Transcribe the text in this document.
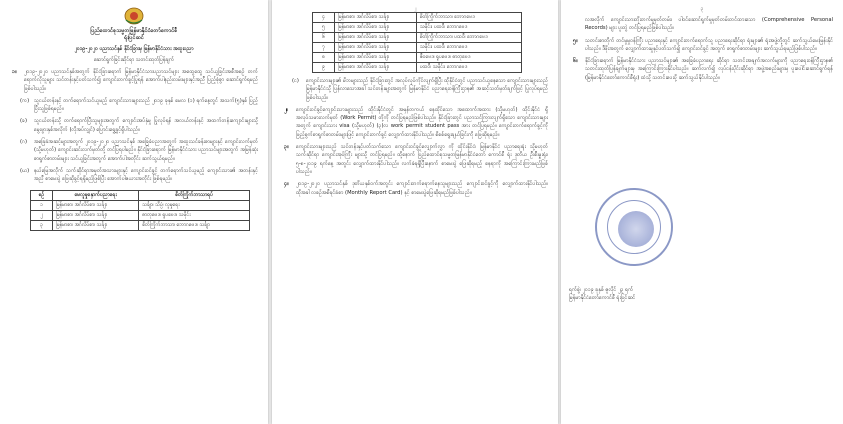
ပြည်ထောင်စုသမ္မတမြန်မာနိုင်ငံတော်ကောင်စီ
ရုံးပြင်ဆင်
၂၀၁၉-၂၀၂၀ ပညာသင်နှစ် နိုင်ငံခြားမှ မြန်မာနိုင်ငံသား အထူးပညာ
ဆောင်ရွက်ခြင်းဆိုင်ရာ သတင်းထုတ်ပြန်ချက်
၁။ ၂၀၁၉-၂၀၂၀ ပညာသင်နှစ်အတွက် နိုင်ငံခြားရောက် မြန်မာနိုင်ငံသားပညာသင်များ အထွေထွေ သင်ယူခြင်းအစီအစဉ် တက်ရောက်လိုသူများ သင်တန်းနှင့်ပတ်သက်၍ ကျောင်းတက်ခွင့်ပြုရန် အောက်ပါနည်းလမ်းများနှင့်အညီ ပြည့်စုံစွာ ဆောင်ရွက်ရမည်ဖြစ်ပါသည်။
(က) သူငယ်တန်းနှင့် တက်ရောက်သင်ယူမည့် ကျောင်းသားများသည် ၂၀၁၉ ခုနှစ် မေလ (၁) ရက်နေ့တွင် အသက်(၅)နှစ် ပြည့်ပြီးသူဖြစ်ရမည်။
(ခ) သူငယ်တန်းသို့ တက်ရောက်ပြီးသူများအတွက် ကျောင်းအပ်နှံမှု ပြုလုပ်ရန် အလယ်တန်းနှင့် အထက်တန်းကျောင်းများသို့ မွေးဖွားနှစ်အလိုက် (လိုအပ်လျှင်) ပြောင်းရွှေ့ခွင့်ရှိပါသည်။
(ဂ) အခြေခံအဆင့်များအတွက် ၂၀၁၉-၂၀၂၀ ပညာသင်နှစ် အခြေခံပညာအတွက် အထူးသင်ခန်းစာများနှင့် ကျောင်းလက်မှတ် (သို့မဟုတ်) ကျောင်းဆင်းလက်မှတ်တို့ တင်ပြရပါမည်။ နိုင်ငံခြားရောက် မြန်မာနိုင်ငံသား ပညာသင်များအတွက် အမြန်ဆုံးစာရွက်စာတမ်းများ သင်ယူခြင်းအတွက် အောက်ပါအတိုင်း ဆက်သွယ်ရမည်။
(ဃ) နယ်မြေအလိုက် သက်ဆိုင်ရာအမှတ်အသားများနှင့် ကျောင်းဝင်ခွင့် တက်ရောက်သင်ယူမည့် ကျောင်းသား၏ အတန်းနှင့်အညီ စာမေးပွဲ ဖြေဆိုခွင့်ရရှိမည်ဖြစ်ပြီး အောက်ပါဇယားအတိုင်း ဖြစ်ရမည်။
စဉ်	မေလူမှုနှောက်ပညာရေး	စိတ်ကြိုက်ဘာသာရပ်
၁	မြန်မာစာ၊ အင်္ဂလိပ်စာ၊ သင်္ချာ	သင်္ချာ၊ သိပ္ပံ၊ လူမှုရေး
၂	မြန်မာစာ၊ အင်္ဂလိပ်စာ၊ သင်္ချာ	ဓာတုဗေဒ၊ ရူပဗေဒ၊ သမိုင်း
၃	မြန်မာစာ၊ အင်္ဂလိပ်စာ၊ သင်္ချာ	စိတ်ကြိုက်ဘာသာ၊ ဘောဂဗေဒ၊ သင်္ချာ
၂
၄	မြန်မာစာ၊ အင်္ဂလိပ်စာ၊ သင်္ချာ	စိတ်ကြိုက်ဘာသာ၊ ဘောဂဗေဒ
၅	မြန်မာစာ၊ အင်္ဂလိပ်စာ၊ သင်္ချာ	သမိုင်း၊ ပထဝီ၊ ဘောဂဗေဒ
၆	မြန်မာစာ၊ အင်္ဂလိပ်စာ၊ သင်္ချာ	စိတ်ကြိုက်ဘာသာ၊ ပထဝီ၊ ဘောဂဗေဒ
၇	မြန်မာစာ၊ အင်္ဂလိပ်စာ၊ သင်္ချာ	သမိုင်း၊ ပထဝီ၊ ဘောဂဗေဒ
၈	မြန်မာစာ၊ အင်္ဂလိပ်စာ၊ သင်္ချာ	ဇီဝဗေဒ၊ ရူပဗေဒ၊ ဓာတုဗေဒ
၉	မြန်မာစာ၊ အင်္ဂလိပ်စာ၊ သင်္ချာ	ပထဝီ၊ သမိုင်း၊ ဘောဂဗေဒ
(င) ကျောင်းသားများ၏ မိဘများသည် နိုင်ငံခြားတွင် အလုပ်လုပ်ကိုင်လျက်ရှိပြီး ထိုနိုင်ငံတွင် ပညာသင်ယူနေသော ကျောင်းသားများသည် မြန်မာနိုင်ငံသို့ ပြန်လာသောအခါ သင်တန်းများအတွက် မြန်မာနိုင်ငံ ပညာရေးဝန်ကြီးဌာန၏ အဆင့်သတ်မှတ်ချက်ဖြင့် ပြုလုပ်ရမည်ဖြစ်ပါသည်။
၂။ ကျောင်းဝင်ခွင့်ကျောင်းသားများသည် ထိုင်းနိုင်ငံတွင် အမှန်တကယ် နေထိုင်သော အထောက်အထား (သို့မဟုတ်) ထိုင်းနိုင်ငံ ရှိ အလုပ်သမားလက်မှတ် (Work Permit) တို့ကို တင်ပြရမည်ဖြစ်ပါသည်။ နိုင်ငံခြားတွင် ပညာသင်ကြားလျက်ရှိသော ကျောင်းသားများအတွက် ကျောင်းသား visa (သို့မဟုတ်) (၃)လ work permit student pass အား တင်ပြရမည်။ ကျောင်းတက်ရောက်ခွင့်ကို ဖြည့်စွက်စာရွက်စာတမ်းများဖြင့် ကျောင်းတက်ခွင့် လျှောက်ထားနိုင်ပါသည်။ စိစစ်ရွေးချယ်ခြင်းကို ဖြေဆိုရမည်။
၃။ ကျောင်းသားများသည် သင်တန်းနှင့်ပတ်သက်သော ကျောင်းဝင်ခွင့်လျှောက်လွှာ ကို ထိုင်းနိုင်ငံ၊ မြန်မာနိုင်ငံ ပညာရေးရုံး သို့မဟုတ် သက်ဆိုင်ရာ ကျောင်းအုပ်ကြီး များသို့ တင်ပြရမည်။ ထို့နောက် ပြည်ထောင်စုသမ္မတမြန်မာနိုင်ငံတော် ကောင်စီ ရုံး ဒုတိယ ဦးစီးမှူးရုံး၊ ၅-၈-၂၀၁၉ ရက်နေ့ အတွင်း လျှောက်ထားနိုင်ပါသည်။ လက်ခံရရှိပြီးနောက် စာမေးပွဲ ဖြေဆိုရမည့် နေရာကို အကြောင်းကြားမည်ဖြစ်ပါသည်။
၄။ ၂၀၁၉-၂၀၂၀ ပညာသင်နှစ် ဒုတိယနှစ်ဝက်အတွင်း ကျောင်းတက်ရောက်နေသူများသည် ကျောင်းဝင်ခွင့်ကို လျှောက်ထားနိုင်ပါသည်။ ထိုအခါ လစဉ်အစီရင်ခံစာ (Monthly Report Card) နှင့် စာမေးပွဲဖြေဆိုရမည်ဖြစ်ပါသည်။
၃
လအလိုက် ကျောင်းသားတိုးတက်မှုမှတ်တမ်း၊ ပါဝင်ဆောင်ရွက်မှုမှတ်တမ်းတင်ထားသော (Comprehensive Personal Records) များ ပူးတွဲ တင်ပြရမည်ဖြစ်ပါသည်။
၅။ သတင်းစာတိုက် တင်မှုမှုဝန်ကြီး ပညာရေးနှင့် ကျောင်းတက်ရောက်သူ ပညာရေးဆိုင်ရာ ရုံးများ၏ ရုံးအဖွဲ့တို့တွင် ဆက်သွယ်မေးမြန်းနိုင်ပါသည်။ ဒီဖိုးအတွက် လျှောက်ထားမှုနှင့်ပတ်သက်၍ ကျောင်းဝင်ခွင့် အတွက် စာရွက်စာတမ်းများ ဆက်သွယ်ရမည်ဖြစ်ပါသည်။
၆။ နိုင်ငံခြားရောက် မြန်မာနိုင်ငံသား ပညာသင်များ၏ အခြေခံပညာရေး ဆိုင်ရာ သတင်းအချက်အလက်များကို ပညာရေးဝန်ကြီးဌာန၏ သတင်းထုတ်ပြန်ချက်များမှ အကြောင်းကြားနိုင်ပါသည်။ ဆက်လက်၍ လုပ်ငန်းပိုင်းဆိုင်ရာ အဖွဲ့အစည်းများမှ ပူးပေါင်းဆောင်ရွက်ရန် (မြန်မာနိုင်ငံတော်ကောင်စီရုံး) ထံသို့ သတင်းပေးပို့ ဆက်သွယ်နိုင်ပါသည်။
ရက်စွဲ၊ ၂၀၁၉ ခုနှစ် ဇူလိုင် ၂၃ ရက်
မြန်မာနိုင်ငံတော်ကောင်စီ ရုံးပြင်ဆင်
